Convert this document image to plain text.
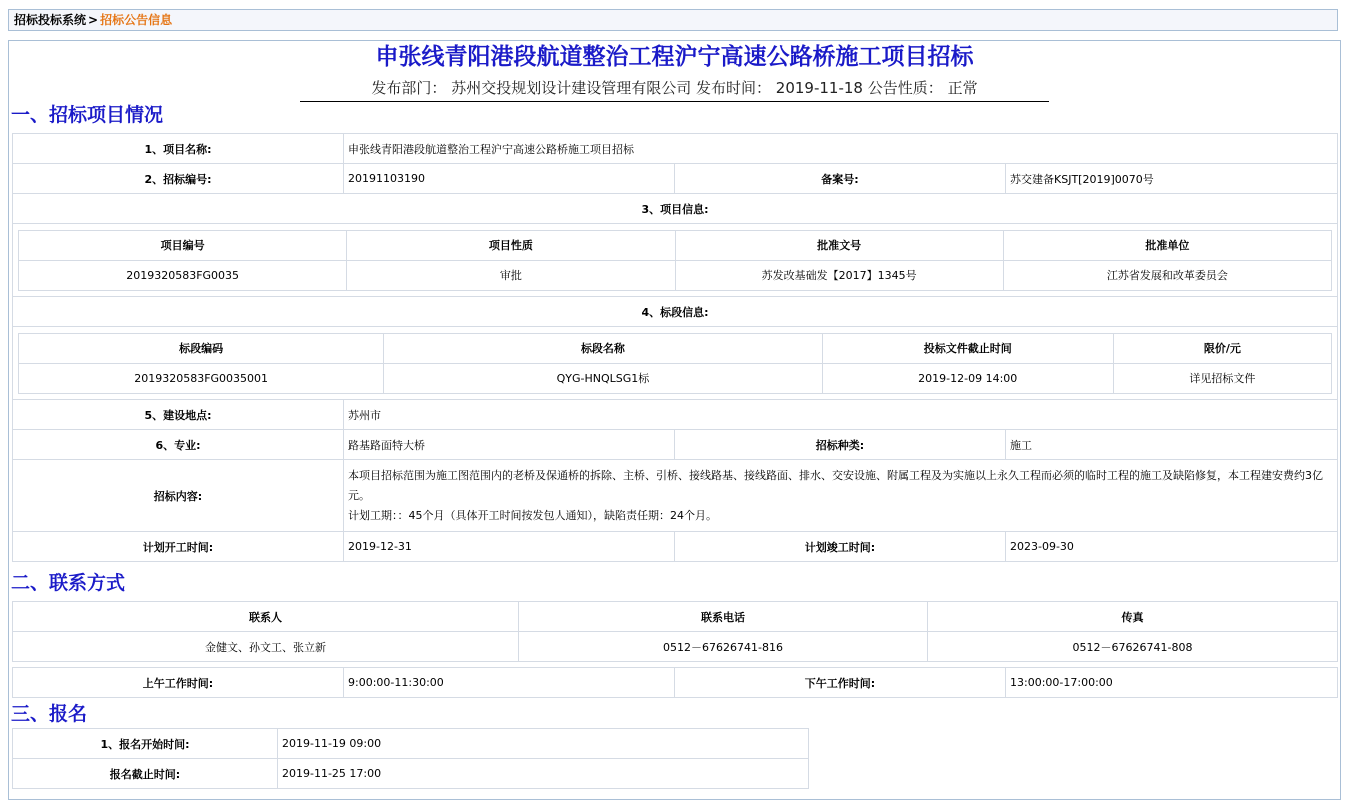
招标投标系统 > 招标公告信息
申张线青阳港段航道整治工程沪宁高速公路桥施工项目招标
发布部门： 苏州交投规划设计建设管理有限公司 发布时间： 2019-11-18 公告性质： 正常
一、招标项目情况
1、项目名称:	申张线青阳港段航道整治工程沪宁高速公路桥施工项目招标
2、招标编号:	20191103190	备案号:	苏交建备KSJT[2019]0070号
3、项目信息:

项目编号	项目性质	批准文号	批准单位
2019320583FG0035	审批	苏发改基础发【2017】1345号	江苏省发展和改革委员会

4、标段信息:

标段编码	标段名称	投标文件截止时间	限价/元
2019320583FG0035001	QYG-HNQLSG1标	2019-12-09 14:00	详见招标文件

5、建设地点:	苏州市
6、专业:	路基路面特大桥	招标种类:	施工
招标内容:	
本项目招标范围为施工图范围内的老桥及保通桥的拆除、主桥、引桥、接线路基、接线路面、排水、交安设施、附属工程及为实施以上永久工程而必须的临时工程的施工及缺陷修复，本工程建安费约3亿元。
计划工期：：45个月（具体开工时间按发包人通知），缺陷责任期：24个月。

计划开工时间:	2019-12-31	计划竣工时间:	2023-09-30
二、联系方式
联系人	联系电话	传真
金健文、孙文工、张立新	0512－67626741-816	0512－67626741-808
上午工作时间:	9:00:00-11:30:00	下午工作时间:	13:00:00-17:00:00
三、报名
1、报名开始时间:	2019-11-19 09:00
报名截止时间:	2019-11-25 17:00
